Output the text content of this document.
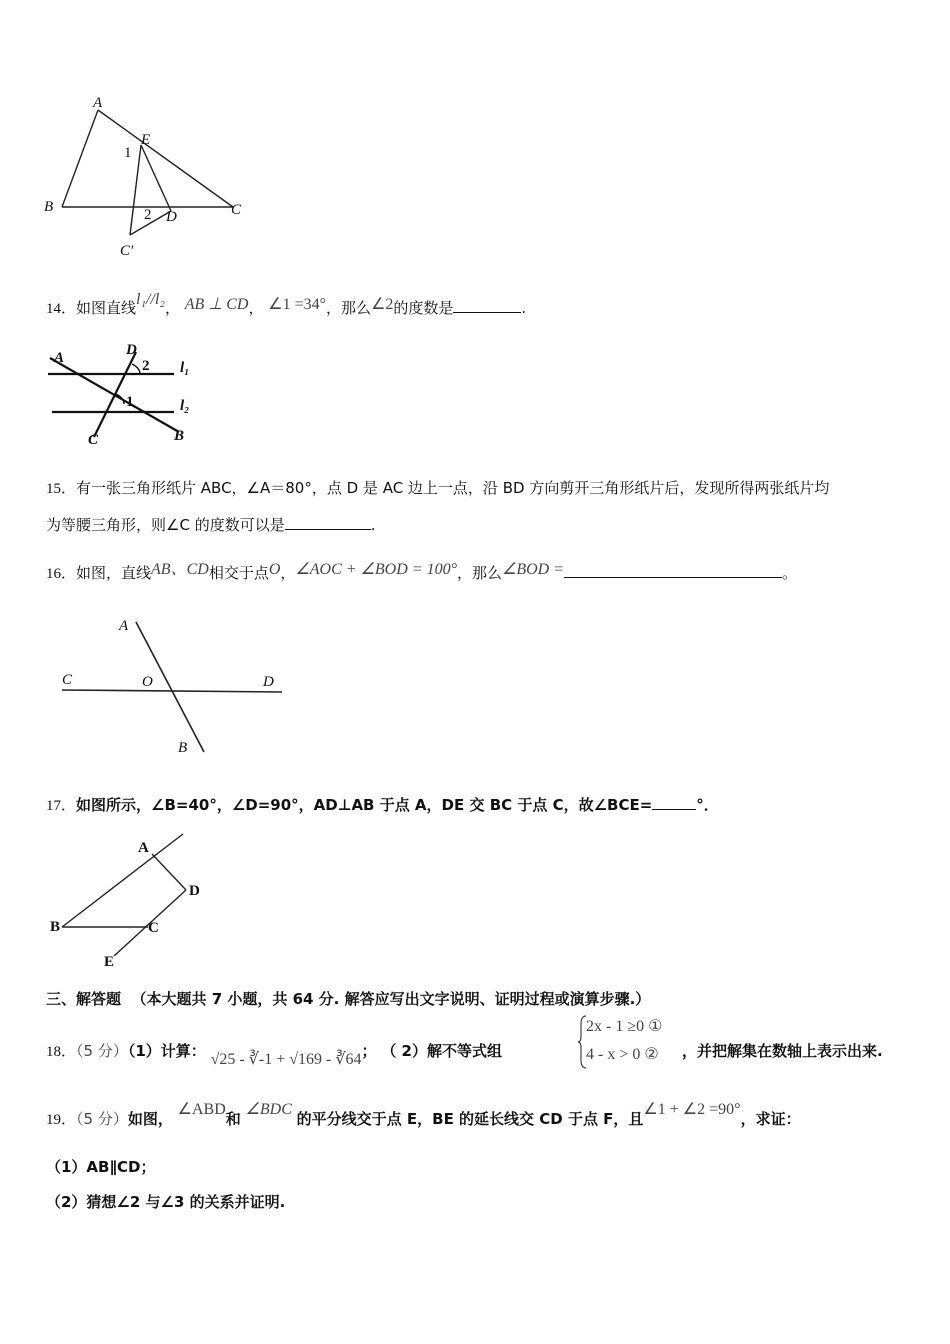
A
E
1
B	2 D	C
C′
14．如图直线l₁//l₂， AB ⊥ CD， ∠1 =34°，那么∠2的度数是	.
A	D
2 l₁
1	l₂
C	B
15．有一张三角形纸片 ABC，∠A＝80°，点 D 是 AC 边上一点，沿 BD 方向剪开三角形纸片后，发现所得两张纸片均
为等腰三角形，则∠C 的度数可以是	.
16．如图，直线AB、CD相交于点O，∠AOC + ∠BOD = 100°，那么∠BOD =	。
A
C	O	D
B
17．如图所示，∠B=40°，∠D=90°，AD⊥AB 于点 A，DE 交 BC 于点 C，故∠BCE=	°．
A
D
B	C
E
三、解答题 （本大题共 7 小题，共 64 分. 解答应写出文字说明、证明过程或演算步骤.）
18．（5 分）（1）计算： √25 - ∛-1 + √169 - ∛64； （ 2）解不等式组
2x - 1 ≥0 ①
4 - x > 0 ② ，并把解集在数轴上表示出来.
19．（5 分）如图， ∠ABD和 ∠BDC 的平分线交于点 E，BE 的延长线交 CD 于点 F，且∠1 + ∠2 =90°，求证：
（1）AB∥CD；
（2）猜想∠2 与∠3 的关系并证明.
